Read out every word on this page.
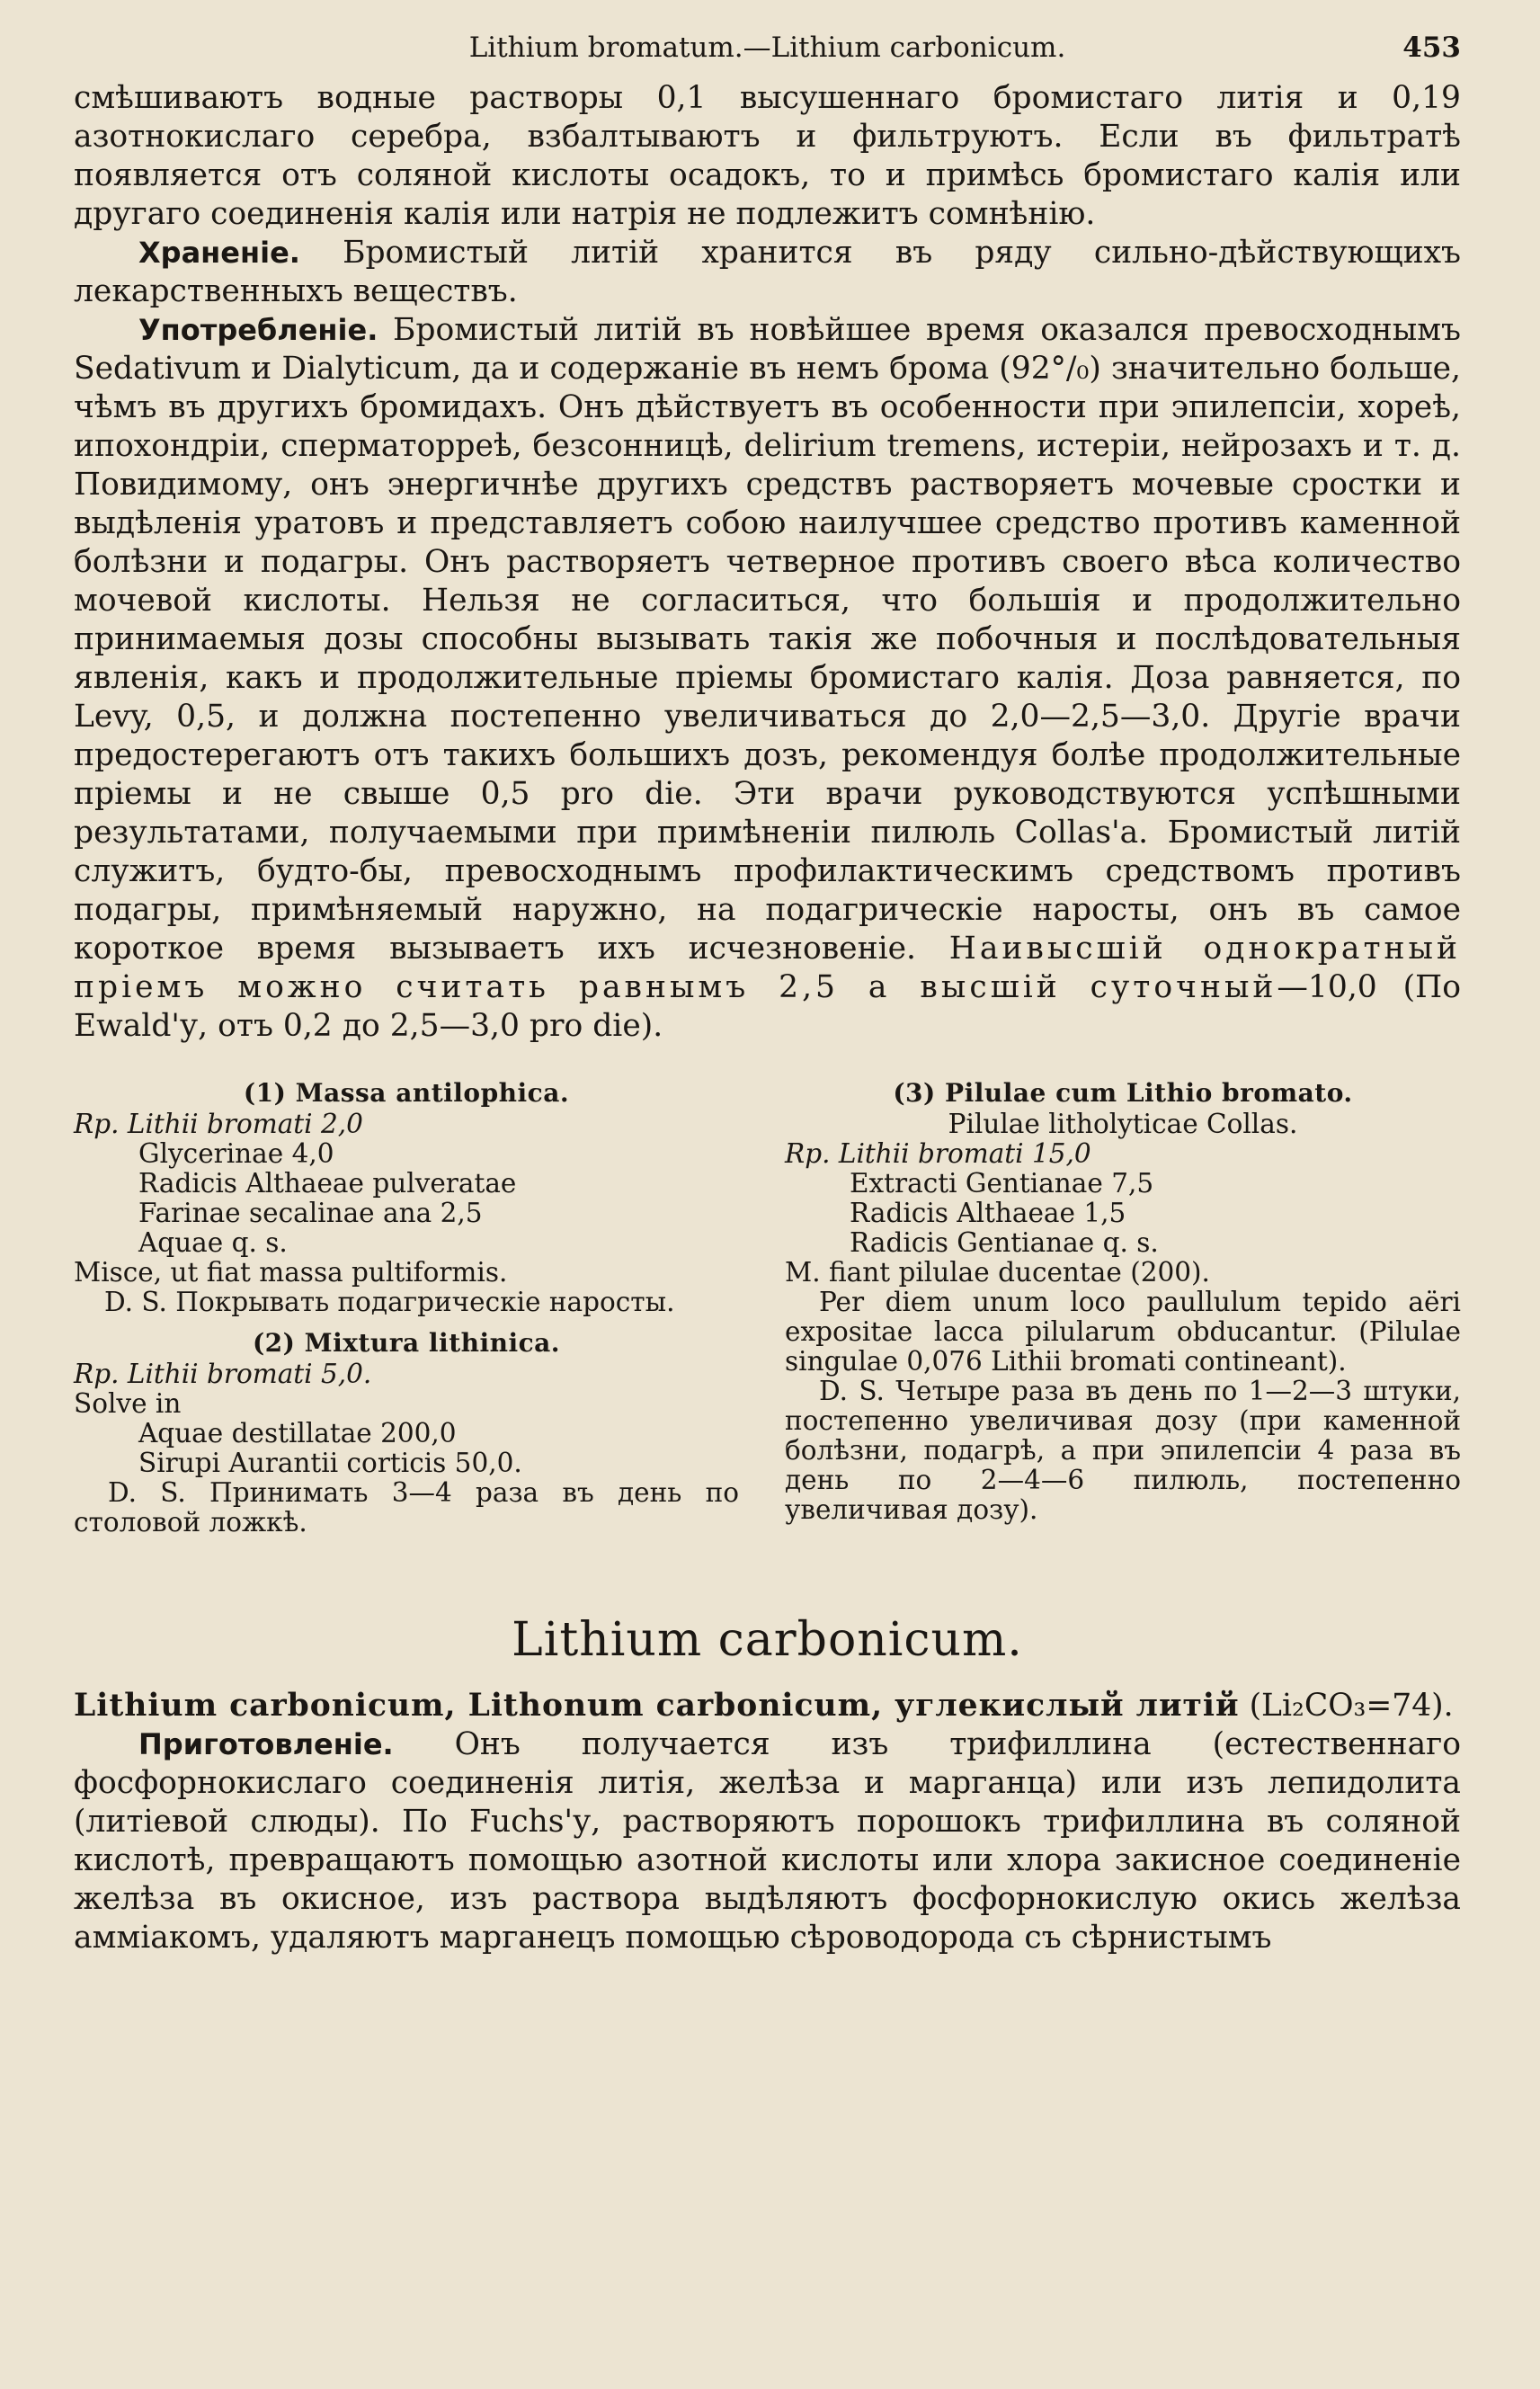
Lithium bromatum.—Lithium carbonicum.	453

смѣшиваютъ водные растворы 0,1 высушеннаго бромистаго литія и 0,19 азотнокислаго серебра, взбалтываютъ и фильтруютъ. Если въ фильтратѣ появляется отъ соляной кислоты осадокъ, то и примѣсь бромистаго калія или другаго соединенія калія или натрія не подлежитъ сомнѣнію.

Храненіе. Бромистый литій хранится въ ряду сильно-дѣйствующихъ лекарственныхъ веществъ.

Употребленіе. Бромистый литій въ новѣйшее время оказался превосходнымъ Sedativum и Dialyticum, да и содержаніе въ немъ брома (92°/₀) значительно больше, чѣмъ въ другихъ бромидахъ. Онъ дѣйствуетъ въ особенности при эпилепсіи, хореѣ, ипохондріи, сперматорреѣ, безсонницѣ, delirium tremens, истеріи, нейрозахъ и т. д. Повидимому, онъ энергичнѣе другихъ средствъ растворяетъ мочевые сростки и выдѣленія уратовъ и представляетъ собою наилучшее средство противъ каменной болѣзни и подагры. Онъ растворяетъ четверное противъ своего вѣса количество мочевой кислоты. Нельзя не согласиться, что большія и продолжительно принимаемыя дозы способны вызывать такія же побочныя и послѣдовательныя явленія, какъ и продолжительные пріемы бромистаго калія. Доза равняется, по Levy, 0,5, и должна постепенно увеличиваться до 2,0—2,5—3,0. Другіе врачи предостерегаютъ отъ такихъ большихъ дозъ, рекомендуя болѣе продолжительные пріемы и не свыше 0,5 pro die. Эти врачи руководствуются успѣшными результатами, получаемыми при примѣненіи пилюль Collas'а. Бромистый литій служитъ, будто-бы, превосходнымъ профилактическимъ средствомъ противъ подагры, примѣняемый наружно, на подагрическіе наросты, онъ въ самое короткое время вызываетъ ихъ исчезновеніе. Наивысшій однократный пріемъ можно считать равнымъ 2,5 а высшій суточный—10,0 (По Ewald'у, отъ 0,2 до 2,5—3,0 pro die).

(1) Massa antilophica.
Rp. Lithii bromati 2,0
Glycerinae 4,0
Radicis Althaeae pulveratae
Farinae secalinae ana 2,5
Aquae q. s.
Misce, ut fiat massa pultiformis.
D. S. Покрывать подагрическіе наросты.
(2) Mixtura lithinica.
Rp. Lithii bromati 5,0.
Solve in
Aquae destillatae 200,0
Sirupi Aurantii corticis 50,0.
D. S. Принимать 3—4 раза въ день по столовой ложкѣ.
(3) Pilulae cum Lithio bromato.
Pilulae litholyticae Collas.
Rp. Lithii bromati 15,0
Extracti Gentianae 7,5
Radicis Althaeae 1,5
Radicis Gentianae q. s.
M. fiant pilulae ducentae (200).
Per diem unum loco paullulum tepido aëri expositae lacca pilularum obducantur. (Pilulae singulae 0,076 Lithii bromati contineant).
D. S. Четыре раза въ день по 1—2—3 штуки, постепенно увеличивая дозу (при каменной болѣзни, подагрѣ, а при эпилепсіи 4 раза въ день по 2—4—6 пилюль, постепенно увеличивая дозу).
Lithium carbonicum.

Lithium carbonicum, Lithonum carbonicum, углекислый литій (Li₂CO₃=74).

Приготовленіе. Онъ получается изъ трифиллина (естественнаго фосфорнокислаго соединенія литія, желѣза и марганца) или изъ лепидолита (литіевой слюды). По Fuchs'у, растворяютъ порошокъ трифиллина въ соляной кислотѣ, превращаютъ помощью азотной кислоты или хлора закисное соединеніе желѣза въ окисное, изъ раствора выдѣляютъ фосфорнокислую окись желѣза амміакомъ, удаляютъ марганецъ помощью сѣроводорода съ сѣрнистымъ
